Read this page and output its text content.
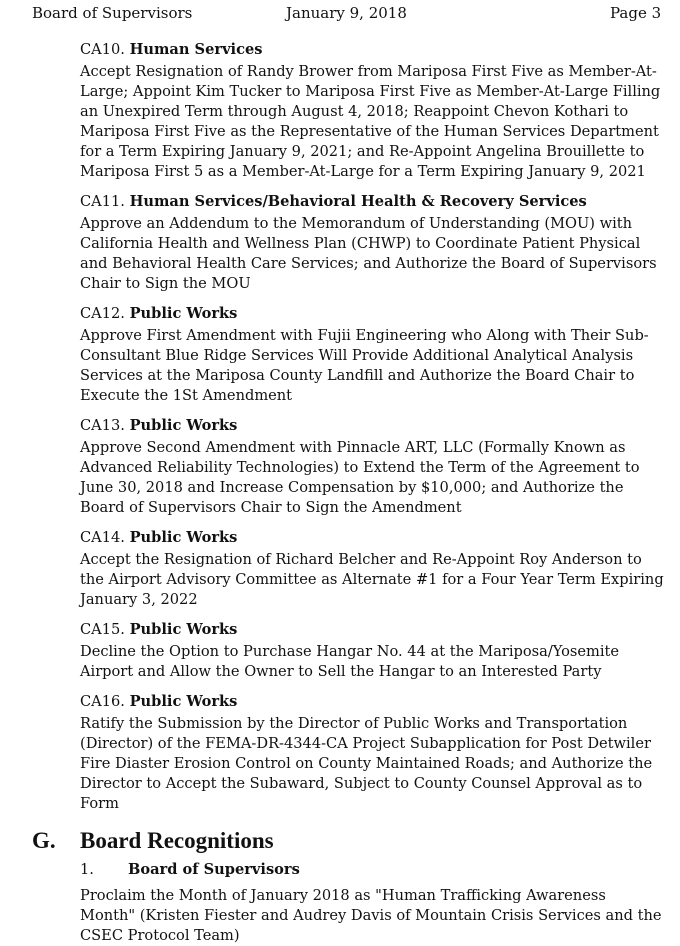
Board of Supervisors	January 9, 2018	Page 3
CA10. Human Services

Accept Resignation of Randy Brower from Mariposa First Five as Member-At-Large; Appoint Kim Tucker to Mariposa First Five as Member-At-Large Filling an Unexpired Term through August 4, 2018; Reappoint Chevon Kothari to Mariposa First Five as the Representative of the Human Services Department for a Term Expiring January 9, 2021; and Re-Appoint Angelina Brouillette to Mariposa First 5 as a Member-At-Large for a Term Expiring January 9, 2021

CA11. Human Services/Behavioral Health & Recovery Services

Approve an Addendum to the Memorandum of Understanding (MOU) with California Health and Wellness Plan (CHWP) to Coordinate Patient Physical and Behavioral Health Care Services; and Authorize the Board of Supervisors Chair to Sign the MOU

CA12. Public Works

Approve First Amendment with Fujii Engineering who Along with Their Sub-Consultant Blue Ridge Services Will Provide Additional Analytical Analysis Services at the Mariposa County Landfill and Authorize the Board Chair to Execute the 1St Amendment

CA13. Public Works

Approve Second Amendment with Pinnacle ART, LLC (Formally Known as Advanced Reliability Technologies) to Extend the Term of the Agreement to June 30, 2018 and Increase Compensation by $10,000; and Authorize the Board of Supervisors Chair to Sign the Amendment

CA14. Public Works

Accept the Resignation of Richard Belcher and Re-Appoint Roy Anderson to the Airport Advisory Committee as Alternate #1 for a Four Year Term Expiring January 3, 2022

CA15. Public Works

Decline the Option to Purchase Hangar No. 44 at the Mariposa/Yosemite Airport and Allow the Owner to Sell the Hangar to an Interested Party

CA16. Public Works

Ratify the Submission by the Director of Public Works and Transportation (Director) of the FEMA-DR-4344-CA Project Subapplication for Post Detwiler Fire Diaster Erosion Control on County Maintained Roads; and Authorize the Director to Accept the Subaward, Subject to County Counsel Approval as to Form

G. Board Recognitions
1. Board of Supervisors

Proclaim the Month of January 2018 as "Human Trafficking Awareness Month" (Kristen Fiester and Audrey Davis of Mountain Crisis Services and the CSEC Protocol Team)
